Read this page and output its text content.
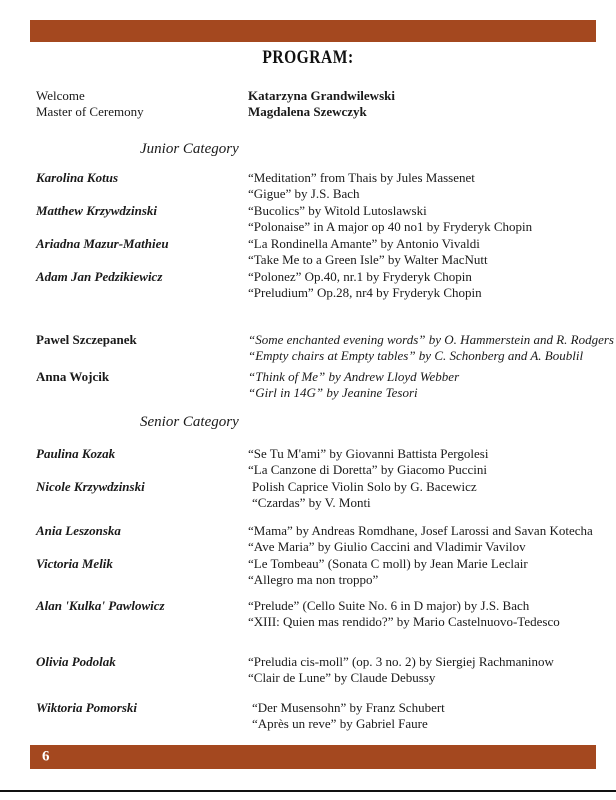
PROGRAM:
Welcome	Katarzyna Grandwilewski
Master of Ceremony	Magdalena Szewczyk
Junior Category
Karolina Kotus	“Meditation” from Thais by Jules Massenet
“Gigue” by J.S. Bach
Matthew Krzywdzinski	“Bucolics” by Witold Lutoslawski
“Polonaise” in A major op 40 no1 by Fryderyk Chopin
Ariadna Mazur-Mathieu	“La Rondinella Amante” by Antonio Vivaldi
“Take Me to a Green Isle” by Walter MacNutt
Adam Jan Pedzikiewicz	“Polonez” Op.40, nr.1 by Fryderyk Chopin
“Preludium” Op.28, nr4 by Fryderyk Chopin
Pawel Szczepanek	“Some enchanted evening words” by O. Hammerstein and R. Rodgers
“Empty chairs at Empty tables” by C. Schonberg and A. Boublil
Anna Wojcik	“Think of Me” by Andrew Lloyd Webber
“Girl in 14G” by Jeanine Tesori
Senior Category
Paulina Kozak	“Se Tu M'ami” by Giovanni Battista Pergolesi
“La Canzone di Doretta” by Giacomo Puccini
Nicole Krzywdzinski	Polish Caprice Violin Solo by G. Bacewicz
“Czardas” by V. Monti
Ania Leszonska	“Mama” by Andreas Romdhane, Josef Larossi and Savan Kotecha
“Ave Maria” by Giulio Caccini and Vladimir Vavilov
Victoria Melik	“Le Tombeau” (Sonata C moll) by Jean Marie Leclair
“Allegro ma non troppo”
Alan 'Kulka' Pawlowicz	“Prelude” (Cello Suite No. 6 in D major) by J.S. Bach
“XIII: Quien mas rendido?” by Mario Castelnuovo-Tedesco
Olivia Podolak	“Preludia cis-moll” (op. 3 no. 2) by Siergiej Rachmaninow
“Clair de Lune” by Claude Debussy
Wiktoria Pomorski	“Der Musensohn” by Franz Schubert
“Après un reve” by Gabriel Faure
6
